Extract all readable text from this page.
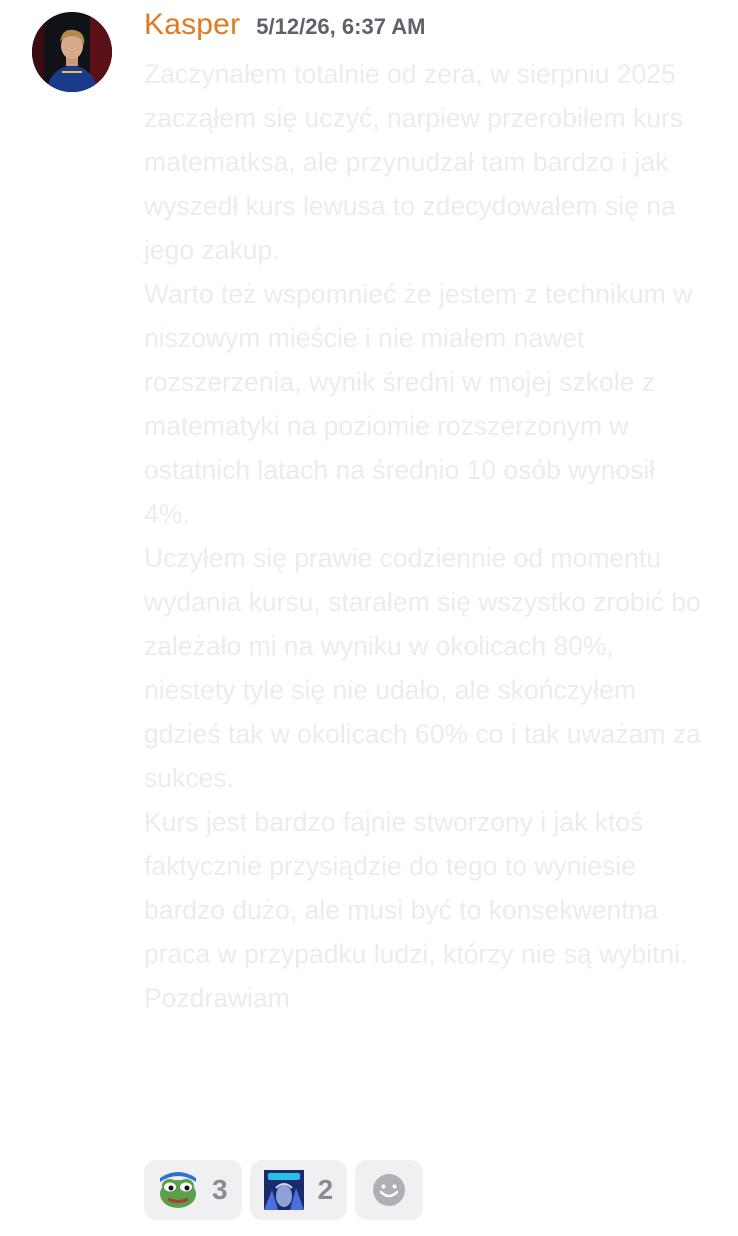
Kasper 5/12/26, 6:37 AM

Zaczynałem totalnie od zera, w sierpniu 2025 zacząłem się uczyć, narpiew przerobiłem kurs matematksa, ale przynudzał tam bardzo i jak wyszedł kurs lewusa to zdecydowałem się na jego zakup.

Warto też wspomnieć że jestem z technikum w niszowym mieście i nie miałem nawet rozszerzenia, wynik średni w mojej szkole z matematyki na poziomie rozszerzonym w ostatnich latach na średnio 10 osób wynosił 4%.

Uczyłem się prawie codziennie od momentu wydania kursu, starałem się wszystko zrobić bo zależało mi na wyniku w okolicach 80%, niestety tyle się nie udało, ale skończyłem gdzieś tak w okolicach 60% co i tak uważam za sukces.

Kurs jest bardzo fajnie stworzony i jak ktoś faktycznie przysiądzie do tego to wyniesie bardzo dużo, ale musi być to konsekwentna praca w przypadku ludzi, którzy nie są wybitni.

Pozdrawiam

3	2
